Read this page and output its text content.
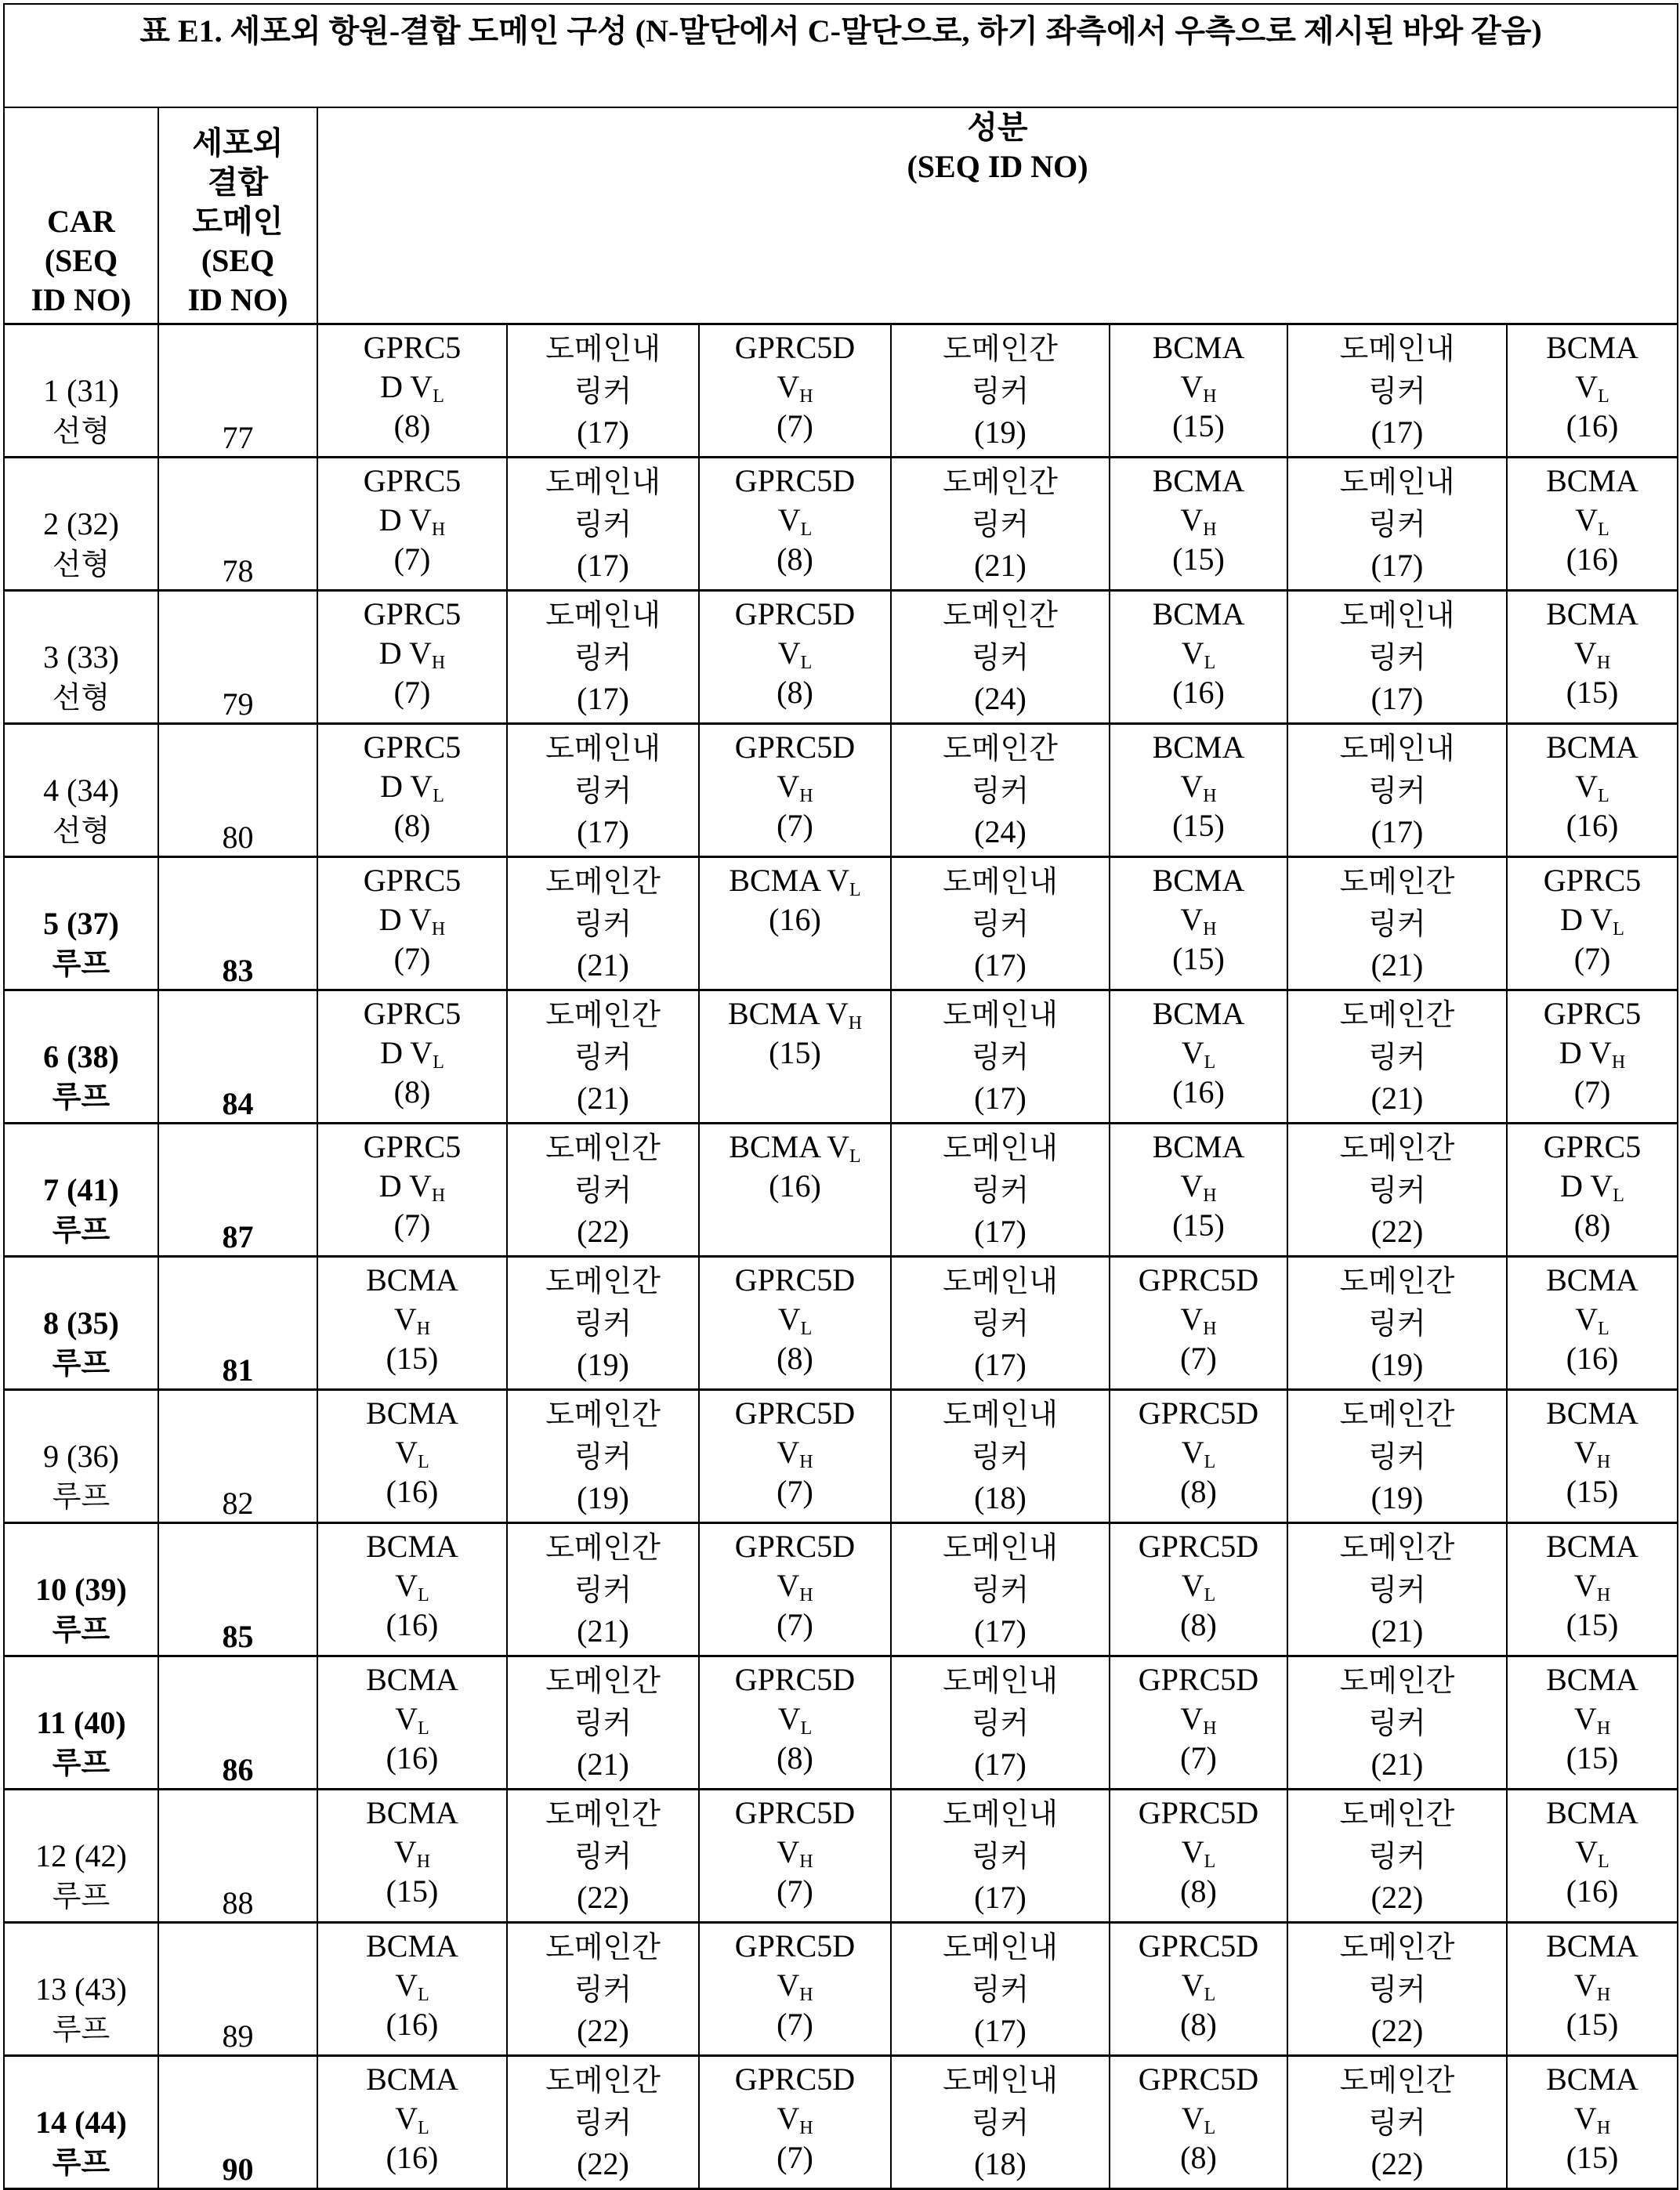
표 E1. 세포외 항원-결합 도메인 구성 (N-말단에서 C-말단으로, 하기 좌측에서 우측으로 제시된 바와 같음)

CAR
(SEQ
ID NO)

세포외
결합
도메인
(SEQ
ID NO)

성분
(SEQ ID NO)

1 (31)
선형	77

GPRC5
D VL
(8)

도메인내
링커
(17)

GPRC5D
VH
(7)

도메인간
링커
(19)

BCMA
VH
(15)

도메인내
링커
(17)

BCMA
VL
(16)

2 (32)
선형	78

GPRC5
D VH
(7)

도메인내
링커
(17)

GPRC5D
VL
(8)

도메인간
링커
(21)

BCMA
VH
(15)

도메인내
링커
(17)

BCMA
VL
(16)

3 (33)
선형	79

GPRC5
D VH
(7)

도메인내
링커
(17)

GPRC5D
VL
(8)

도메인간
링커
(24)

BCMA
VL
(16)

도메인내
링커
(17)

BCMA
VH
(15)

4 (34)
선형	80

GPRC5
D VL
(8)

도메인내
링커
(17)

GPRC5D
VH
(7)

도메인간
링커
(24)

BCMA
VH
(15)

도메인내
링커
(17)

BCMA
VL
(16)

5 (37)
루프	83

GPRC5
D VH
(7)

도메인간
링커
(21)

BCMA VL
(16)

도메인내
링커
(17)

BCMA
VH
(15)

도메인간
링커
(21)

GPRC5
D VL
(7)

6 (38)
루프	84

GPRC5
D VL
(8)

도메인간
링커
(21)

BCMA VH
(15)

도메인내
링커
(17)

BCMA
VL
(16)

도메인간
링커
(21)

GPRC5
D VH
(7)

7 (41)
루프	87

GPRC5
D VH
(7)

도메인간
링커
(22)

BCMA VL
(16)

도메인내
링커
(17)

BCMA
VH
(15)

도메인간
링커
(22)

GPRC5
D VL
(8)

8 (35)
루프	81

BCMA
VH
(15)

도메인간
링커
(19)

GPRC5D
VL
(8)

도메인내
링커
(17)

GPRC5D
VH
(7)

도메인간
링커
(19)

BCMA
VL
(16)

9 (36)
루프	82

BCMA
VL
(16)

도메인간
링커
(19)

GPRC5D
VH
(7)

도메인내
링커
(18)

GPRC5D
VL
(8)

도메인간
링커
(19)

BCMA
VH
(15)

10 (39)
루프	85

BCMA
VL
(16)

도메인간
링커
(21)

GPRC5D
VH
(7)

도메인내
링커
(17)

GPRC5D
VL
(8)

도메인간
링커
(21)

BCMA
VH
(15)

11 (40)
루프	86

BCMA
VL
(16)

도메인간
링커
(21)

GPRC5D
VL
(8)

도메인내
링커
(17)

GPRC5D
VH
(7)

도메인간
링커
(21)

BCMA
VH
(15)

12 (42)
루프	88

BCMA
VH
(15)

도메인간
링커
(22)

GPRC5D
VH
(7)

도메인내
링커
(17)

GPRC5D
VL
(8)

도메인간
링커
(22)

BCMA
VL
(16)

13 (43)
루프	89

BCMA
VL
(16)

도메인간
링커
(22)

GPRC5D
VH
(7)

도메인내
링커
(17)

GPRC5D
VL
(8)

도메인간
링커
(22)

BCMA
VH
(15)

14 (44)
루프	90

BCMA
VL
(16)

도메인간
링커
(22)

GPRC5D
VH
(7)

도메인내
링커
(18)

GPRC5D
VL
(8)

도메인간
링커
(22)

BCMA
VH
(15)
